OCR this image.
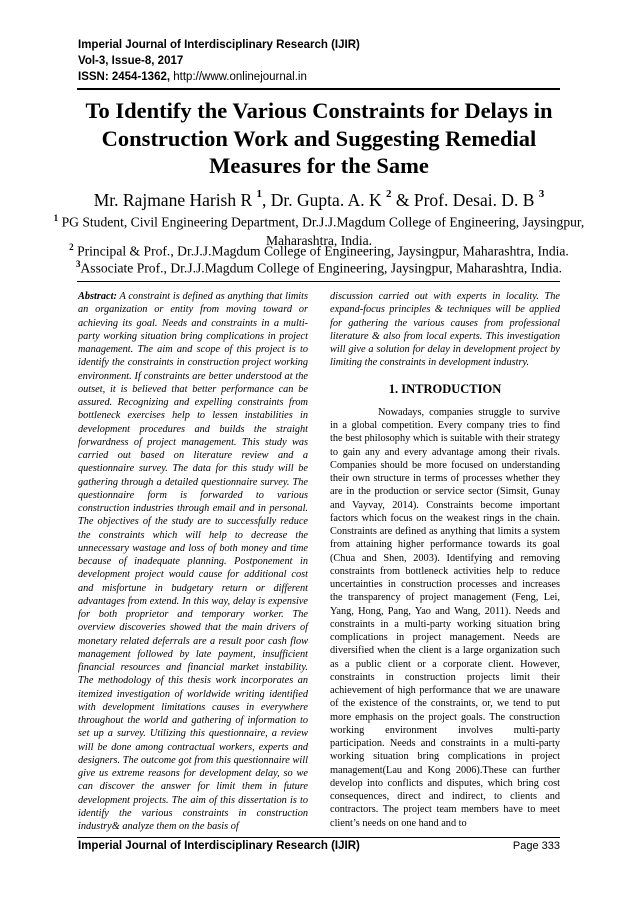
Imperial Journal of Interdisciplinary Research (IJIR)
Vol-3, Issue-8, 2017
ISSN: 2454-1362, http://www.onlinejournal.in
To Identify the Various Constraints for Delays in Construction Work and Suggesting Remedial Measures for the Same
Mr. Rajmane Harish R $^1$, Dr. Gupta. A. K $^2$ & Prof. Desai. D. B $^3$
$^1$ PG Student, Civil Engineering Department, Dr.J.J.Magdum College of Engineering, Jaysingpur, Maharashtra, India.
$^2$ Principal & Prof., Dr.J.J.Magdum College of Engineering, Jaysingpur, Maharashtra, India.
$^3$Associate Prof., Dr.J.J.Magdum College of Engineering, Jaysingpur, Maharashtra, India.
Abstract: A constraint is defined as anything that limits an organization or entity from moving toward or achieving its goal. Needs and constraints in a multi-party working situation bring complications in project management. The aim and scope of this project is to identify the constraints in construction project working environment. If constraints are better understood at the outset, it is believed that better performance can be assured. Recognizing and expelling constraints from bottleneck exercises help to lessen instabilities in development procedures and builds the straight forwardness of project management. This study was carried out based on literature review and a questionnaire survey. The data for this study will be gathering through a detailed questionnaire survey. The questionnaire form is forwarded to various construction industries through email and in personal. The objectives of the study are to successfully reduce the constraints which will help to decrease the unnecessary wastage and loss of both money and time because of inadequate planning. Postponement in development project would cause for additional cost and misfortune in budgetary return or different advantages from extend. In this way, delay is expensive for both proprietor and temporary worker. The overview discoveries showed that the main drivers of monetary related deferrals are a result poor cash flow management followed by late payment, insufficient financial resources and financial market instability. The methodology of this thesis work incorporates an itemized investigation of worldwide writing identified with development limitations causes in everywhere throughout the world and gathering of information to set up a survey. Utilizing this questionnaire, a review will be done among contractual workers, experts and designers. The outcome got from this questionnaire will give us extreme reasons for development delay, so we can discover the answer for limit them in future development projects. The aim of this dissertation is to identify the various constraints in construction industry& analyze them on the basis of
discussion carried out with experts in locality. The expand-focus principles & techniques will be applied for gathering the various causes from professional literature & also from local experts. This investigation will give a solution for delay in development project by limiting the constraints in development industry.
1. INTRODUCTION
Nowadays, companies struggle to survive in a global competition. Every company tries to find the best philosophy which is suitable with their strategy to gain any and every advantage among their rivals. Companies should be more focused on understanding their own structure in terms of processes whether they are in the production or service sector (Simsit, Gunay and Vayvay, 2014). Constraints become important factors which focus on the weakest rings in the chain. Constraints are defined as anything that limits a system from attaining higher performance towards its goal (Chua and Shen, 2003). Identifying and removing constraints from bottleneck activities help to reduce uncertainties in construction processes and increases the transparency of project management (Feng, Lei, Yang, Hong, Pang, Yao and Wang, 2011). Needs and constraints in a multi-party working situation bring complications in project management. Needs are diversified when the client is a large organization such as a public client or a corporate client. However, constraints in construction projects limit their achievement of high performance that we are unaware of the existence of the constraints, or, we tend to put more emphasis on the project goals. The construction working environment involves multi-party participation. Needs and constraints in a multi-party working situation bring complications in project management(Lau and Kong 2006).These can further develop into conflicts and disputes, which bring cost consequences, direct and indirect, to clients and contractors. The project team members have to meet client’s needs on one hand and to
Imperial Journal of Interdisciplinary Research (IJIR)	Page 333
